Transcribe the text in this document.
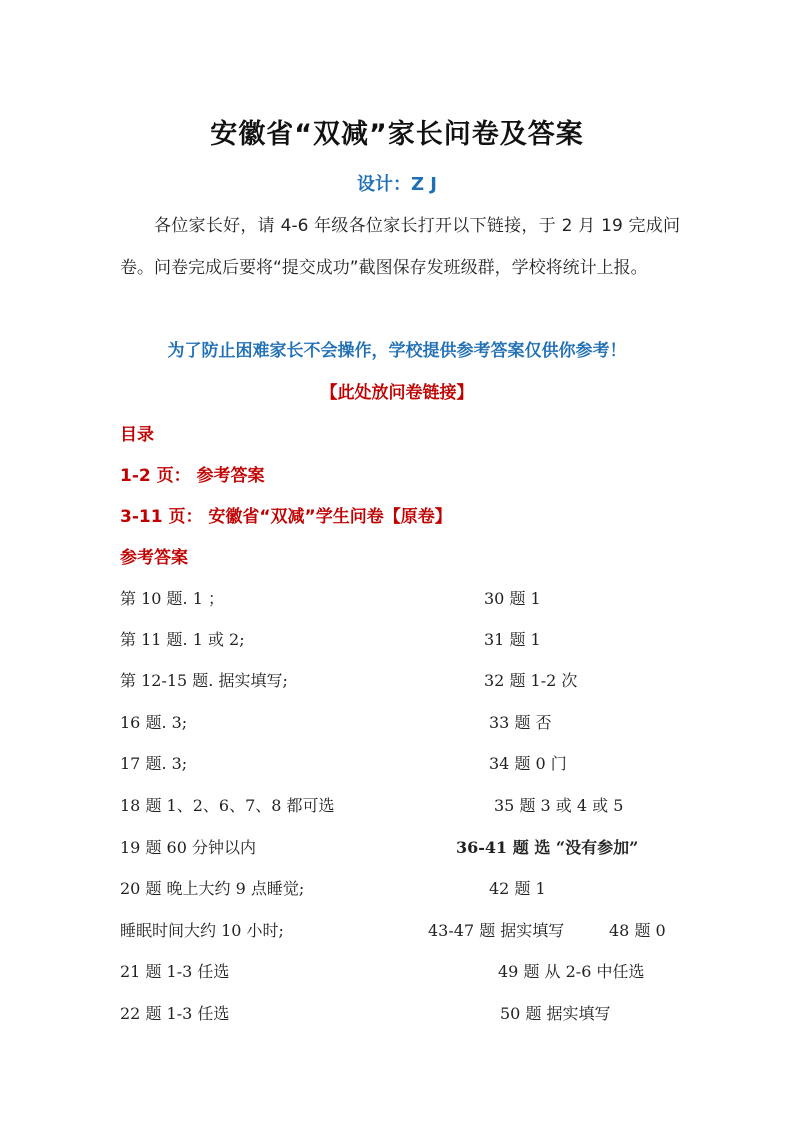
安徽省“双减”家长问卷及答案
设计：Z J

各位家长好，请 4-6 年级各位家长打开以下链接，于 2 月 19 完成问卷。问卷完成后要将“提交成功”截图保存发班级群，学校将统计上报。

为了防止困难家长不会操作，学校提供参考答案仅供你参考！
【此处放问卷链接】
目录
1-2 页： 参考答案
3-11 页： 安徽省“双减”学生问卷【原卷】
参考答案
第 10 题. 1 ；	30 题 1
第 11 题. 1 或 2;	31 题 1
第 12-15 题. 据实填写;	32 题 1-2 次
16 题. 3;	33 题 否
17 题. 3;	34 题 0 门
18 题 1、2、6、7、8 都可选	35 题 3 或 4 或 5
19 题 60 分钟以内	36-41 题 选 “没有参加”
20 题 晚上大约 9 点睡觉;	42 题 1
睡眠时间大约 10 小时;	43-47 题 据实填写	48 题 0
21 题 1-3 任选	49 题 从 2-6 中任选
22 题 1-3 任选	50 题 据实填写
